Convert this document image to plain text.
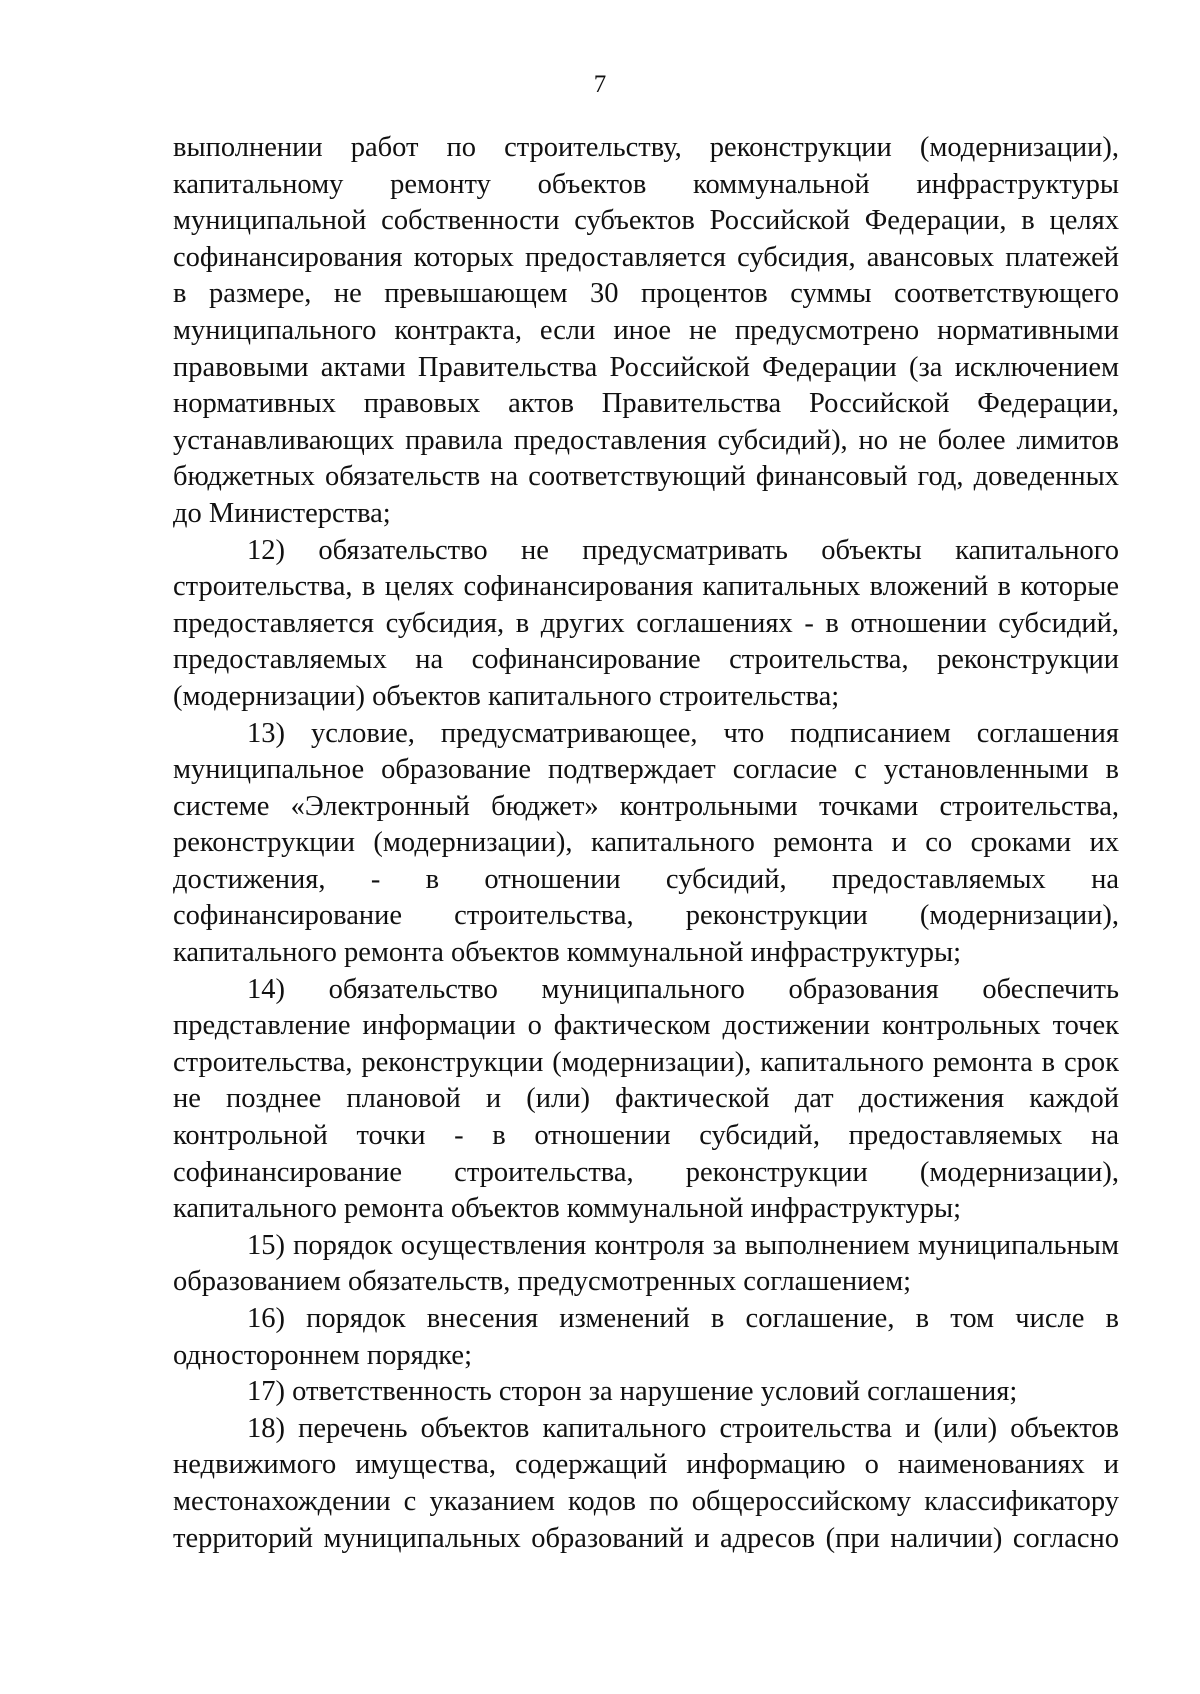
7

выполнении работ по строительству, реконструкции (модернизации), капитальному ремонту объектов коммунальной инфраструктуры муниципальной собственности субъектов Российской Федерации, в целях софинансирования которых предоставляется субсидия, авансовых платежей в размере, не превышающем 30 процентов суммы соответствующего муниципального контракта, если иное не предусмотрено нормативными правовыми актами Правительства Российской Федерации (за исключением нормативных правовых актов Правительства Российской Федерации, устанавливающих правила предоставления субсидий), но не более лимитов бюджетных обязательств на соответствующий финансовый год, доведенных до Министерства;

12) обязательство не предусматривать объекты капитального строительства, в целях софинансирования капитальных вложений в которые предоставляется субсидия, в других соглашениях - в отношении субсидий, предоставляемых на софинансирование строительства, реконструкции (модернизации) объектов капитального строительства;

13) условие, предусматривающее, что подписанием соглашения муниципальное образование подтверждает согласие с установленными в системе «Электронный бюджет» контрольными точками строительства, реконструкции (модернизации), капитального ремонта и со сроками их достижения, - в отношении субсидий, предоставляемых на софинансирование строительства, реконструкции (модернизации), капитального ремонта объектов коммунальной инфраструктуры;

14) обязательство муниципального образования обеспечить представление информации о фактическом достижении контрольных точек строительства, реконструкции (модернизации), капитального ремонта в срок не позднее плановой и (или) фактической дат достижения каждой контрольной точки - в отношении субсидий, предоставляемых на софинансирование строительства, реконструкции (модернизации), капитального ремонта объектов коммунальной инфраструктуры;

15) порядок осуществления контроля за выполнением муниципальным образованием обязательств, предусмотренных соглашением;

16) порядок внесения изменений в соглашение, в том числе в одностороннем порядке;

17) ответственность сторон за нарушение условий соглашения;

18) перечень объектов капитального строительства и (или) объектов недвижимого имущества, содержащий информацию о наименованиях и местонахождении с указанием кодов по общероссийскому классификатору территорий муниципальных образований и адресов (при наличии) согласно
